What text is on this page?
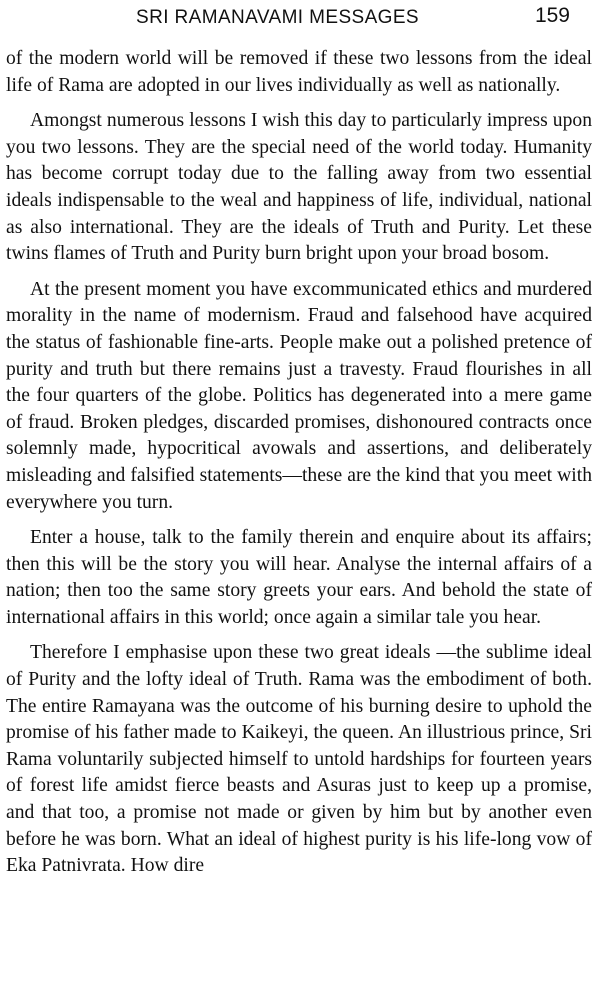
SRI RAMANAVAMI MESSAGES	159

of the modern world will be removed if these two lessons from the ideal life of Rama are adopted in our lives individually as well as nationally.

Amongst numerous lessons I wish this day to particularly impress upon you two lessons. They are the special need of the world today. Humanity has become corrupt today due to the falling away from two essential ideals indispensable to the weal and happiness of life, individual, national as also international. They are the ideals of Truth and Purity. Let these twins flames of Truth and Purity burn bright upon your broad bosom.

At the present moment you have excommunicated ethics and murdered morality in the name of modernism. Fraud and falsehood have acquired the status of fashionable fine-arts. People make out a polished pretence of purity and truth but there remains just a travesty. Fraud flourishes in all the four quarters of the globe. Politics has degenerated into a mere game of fraud. Broken pledges, discarded promises, dishonoured contracts once solemnly made, hypocritical avowals and assertions, and deliberately misleading and falsified statements—these are the kind that you meet with everywhere you turn.

Enter a house, talk to the family therein and enquire about its affairs; then this will be the story you will hear. Analyse the internal affairs of a nation; then too the same story greets your ears. And behold the state of international affairs in this world; once again a similar tale you hear.

Therefore I emphasise upon these two great ideals —the sublime ideal of Purity and the lofty ideal of Truth. Rama was the embodiment of both. The entire Ramayana was the outcome of his burning desire to uphold the promise of his father made to Kaikeyi, the queen. An illustrious prince, Sri Rama voluntarily subjected himself to untold hardships for fourteen years of forest life amidst fierce beasts and Asuras just to keep up a promise, and that too, a promise not made or given by him but by another even before he was born. What an ideal of highest purity is his life-long vow of Eka Patnivrata. How dire
